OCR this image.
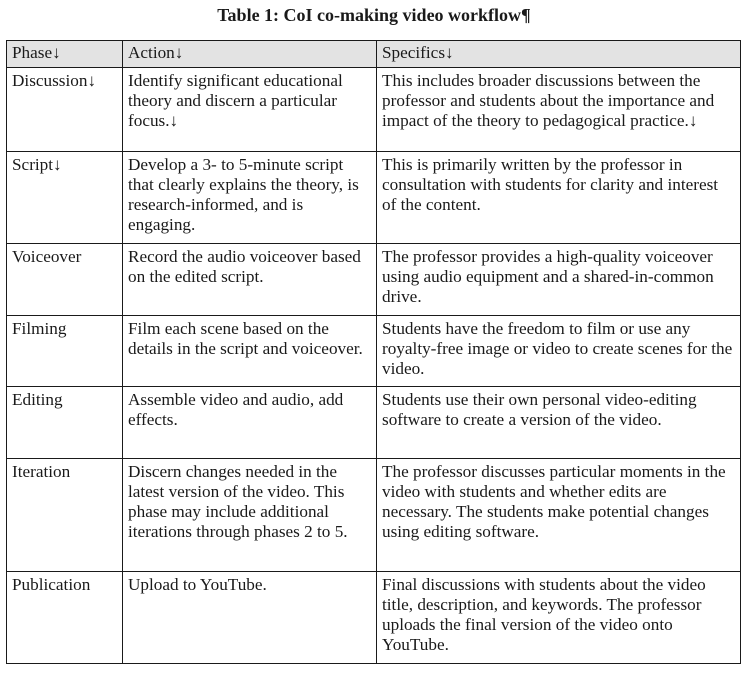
Table 1: CoI co-making video workflow¶
Phase↓	Action↓	Specifics↓
Discussion↓	Identify significant educational theory and discern a particular focus.↓	This includes broader discussions between the professor and students about the importance and impact of the theory to pedagogical practice.↓
Script↓	Develop a 3- to 5-minute script that clearly explains the theory, is research-informed, and is engaging.	This is primarily written by the professor in consultation with students for clarity and interest of the content.
Voiceover	Record the audio voiceover based on the edited script.	The professor provides a high-quality voiceover using audio equipment and a shared-in-common drive.
Filming	Film each scene based on the details in the script and voiceover.	Students have the freedom to film or use any royalty-free image or video to create scenes for the video.
Editing	Assemble video and audio, add effects.	Students use their own personal video-editing software to create a version of the video.
Iteration	Discern changes needed in the latest version of the video. This phase may include additional iterations through phases 2 to 5.	The professor discusses particular moments in the video with students and whether edits are necessary. The students make potential changes using editing software.
Publication	Upload to YouTube.	Final discussions with students about the video title, description, and keywords. The professor uploads the final version of the video onto YouTube.
